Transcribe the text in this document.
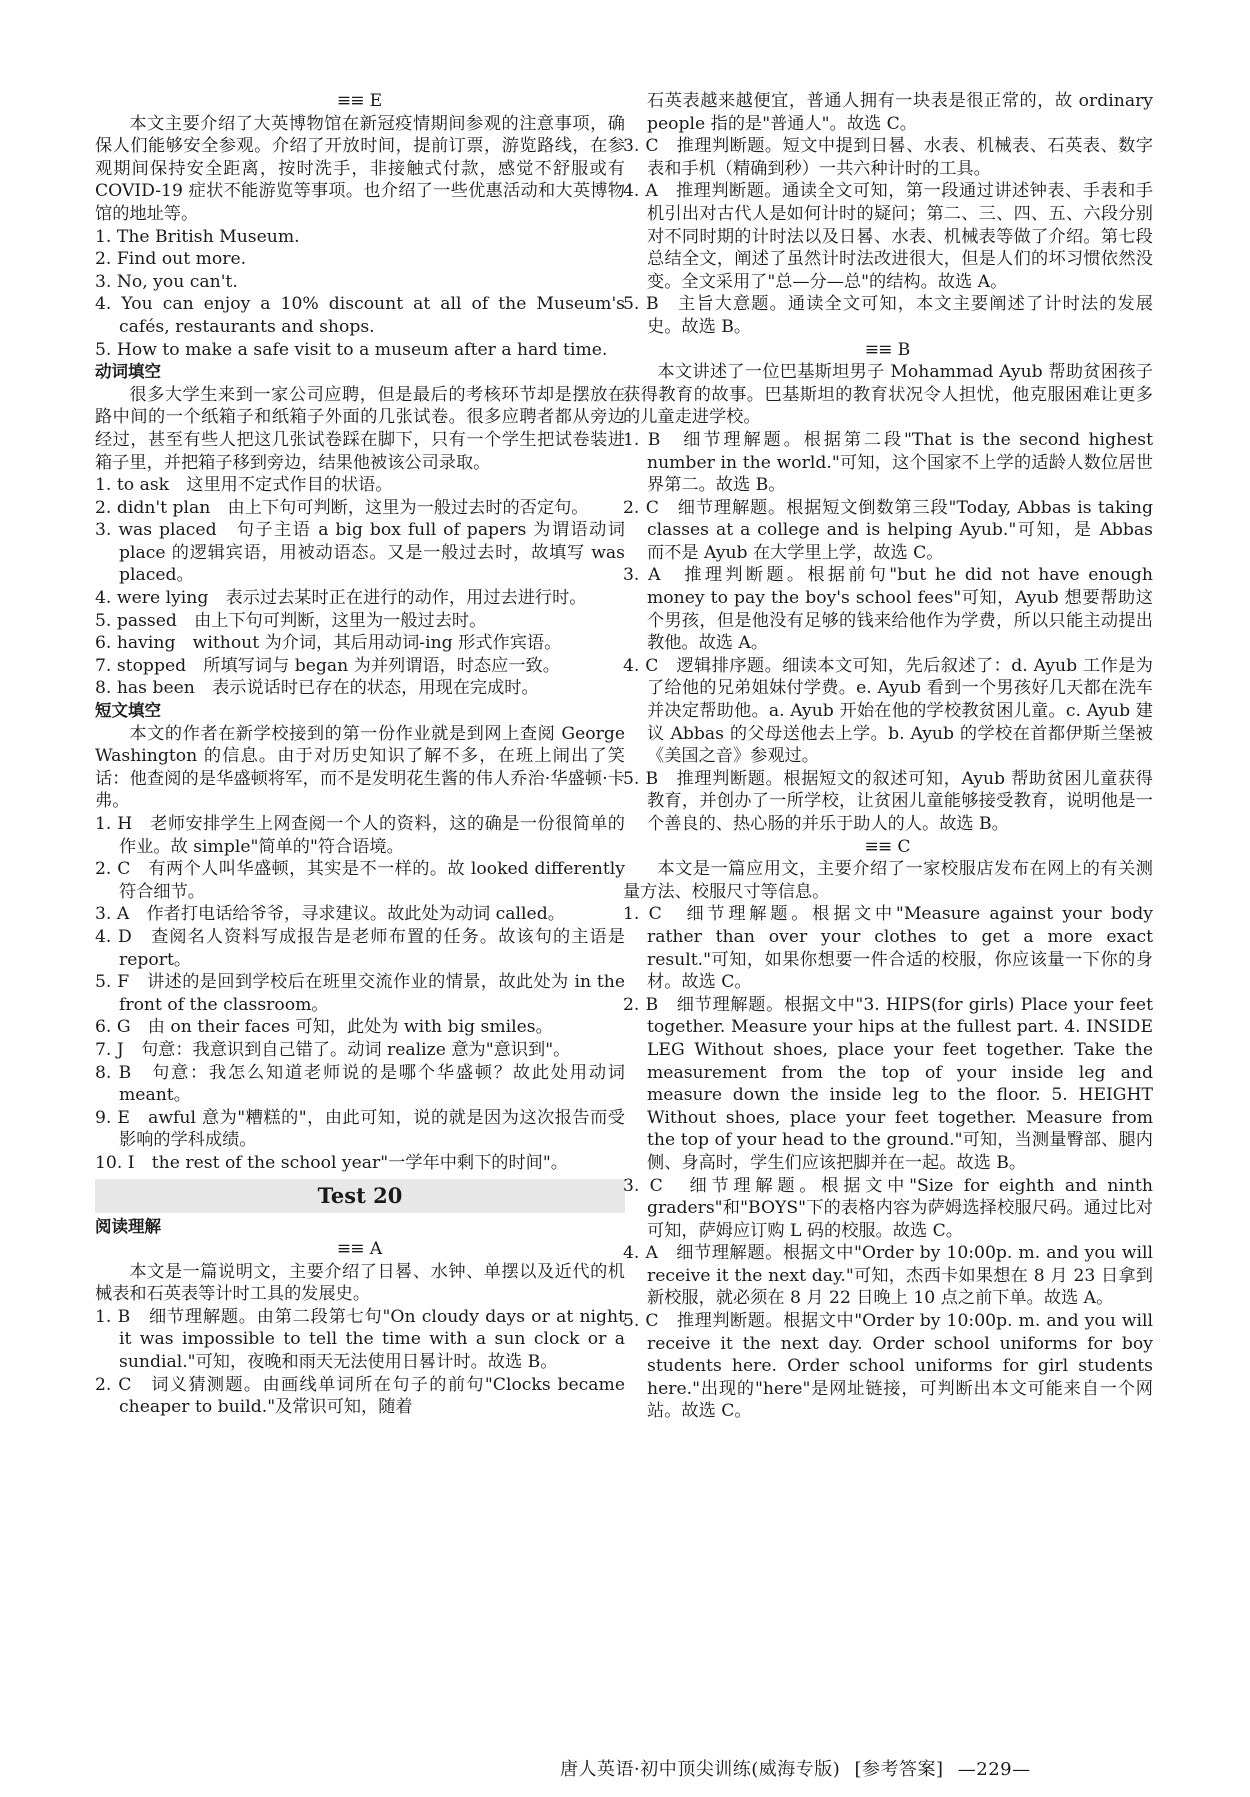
≡≡ E

本文主要介绍了大英博物馆在新冠疫情期间参观的注意事项，确保人们能够安全参观。介绍了开放时间，提前订票，游览路线，在参观期间保持安全距离，按时洗手，非接触式付款，感觉不舒服或有 COVID-19 症状不能游览等事项。也介绍了一些优惠活动和大英博物馆的地址等。

1. The British Museum.

2. Find out more.

3. No, you can't.

4. You can enjoy a 10% discount at all of the Museum's cafés, restaurants and shops.

5. How to make a safe visit to a museum after a hard time.

动词填空

很多大学生来到一家公司应聘，但是最后的考核环节却是摆放在路中间的一个纸箱子和纸箱子外面的几张试卷。很多应聘者都从旁边经过，甚至有些人把这几张试卷踩在脚下，只有一个学生把试卷装进箱子里，并把箱子移到旁边，结果他被该公司录取。

1. to ask　这里用不定式作目的状语。

2. didn't plan　由上下句可判断，这里为一般过去时的否定句。

3. was placed　句子主语 a big box full of papers 为谓语动词 place 的逻辑宾语，用被动语态。又是一般过去时，故填写 was placed。

4. were lying　表示过去某时正在进行的动作，用过去进行时。

5. passed　由上下句可判断，这里为一般过去时。

6. having　without 为介词，其后用动词-ing 形式作宾语。

7. stopped　所填写词与 began 为并列谓语，时态应一致。

8. has been　表示说话时已存在的状态，用现在完成时。

短文填空

本文的作者在新学校接到的第一份作业就是到网上查阅 George Washington 的信息。由于对历史知识了解不多，在班上闹出了笑话：他查阅的是华盛顿将军，而不是发明花生酱的伟人乔治·华盛顿·卡弗。

1. H　老师安排学生上网查阅一个人的资料，这的确是一份很简单的作业。故 simple"简单的"符合语境。

2. C　有两个人叫华盛顿，其实是不一样的。故 looked differently 符合细节。

3. A　作者打电话给爷爷，寻求建议。故此处为动词 called。

4. D　查阅名人资料写成报告是老师布置的任务。故该句的主语是 report。

5. F　讲述的是回到学校后在班里交流作业的情景，故此处为 in the front of the classroom。

6. G　由 on their faces 可知，此处为 with big smiles。

7. J　句意：我意识到自己错了。动词 realize 意为"意识到"。

8. B　句意：我怎么知道老师说的是哪个华盛顿？故此处用动词 meant。

9. E　awful 意为"糟糕的"，由此可知，说的就是因为这次报告而受影响的学科成绩。

10. I　the rest of the school year"一学年中剩下的时间"。

Test 20

阅读理解

≡≡ A

本文是一篇说明文，主要介绍了日晷、水钟、单摆以及近代的机械表和石英表等计时工具的发展史。

1. B　细节理解题。由第二段第七句"On cloudy days or at night it was impossible to tell the time with a sun clock or a sundial."可知，夜晚和雨天无法使用日晷计时。故选 B。

2. C　词义猜测题。由画线单词所在句子的前句"Clocks became cheaper to build."及常识可知，随着

石英表越来越便宜，普通人拥有一块表是很正常的，故 ordinary people 指的是"普通人"。故选 C。

3. C　推理判断题。短文中提到日晷、水表、机械表、石英表、数字表和手机（精确到秒）一共六种计时的工具。

4. A　推理判断题。通读全文可知，第一段通过讲述钟表、手表和手机引出对古代人是如何计时的疑问；第二、三、四、五、六段分别对不同时期的计时法以及日晷、水表、机械表等做了介绍。第七段总结全文，阐述了虽然计时法改进很大，但是人们的坏习惯依然没变。全文采用了"总—分—总"的结构。故选 A。

5. B　主旨大意题。通读全文可知，本文主要阐述了计时法的发展史。故选 B。

≡≡ B

本文讲述了一位巴基斯坦男子 Mohammad Ayub 帮助贫困孩子获得教育的故事。巴基斯坦的教育状况令人担忧，他克服困难让更多的儿童走进学校。

1. B　细节理解题。根据第二段"That is the second highest number in the world."可知，这个国家不上学的适龄人数位居世界第二。故选 B。

2. C　细节理解题。根据短文倒数第三段"Today, Abbas is taking classes at a college and is helping Ayub."可知，是 Abbas 而不是 Ayub 在大学里上学，故选 C。

3. A　推理判断题。根据前句"but he did not have enough money to pay the boy's school fees"可知，Ayub 想要帮助这个男孩，但是他没有足够的钱来给他作为学费，所以只能主动提出教他。故选 A。

4. C　逻辑排序题。细读本文可知，先后叙述了：d. Ayub 工作是为了给他的兄弟姐妹付学费。e. Ayub 看到一个男孩好几天都在洗车并决定帮助他。a. Ayub 开始在他的学校教贫困儿童。c. Ayub 建议 Abbas 的父母送他去上学。b. Ayub 的学校在首都伊斯兰堡被《美国之音》参观过。

5. B　推理判断题。根据短文的叙述可知，Ayub 帮助贫困儿童获得教育，并创办了一所学校，让贫困儿童能够接受教育，说明他是一个善良的、热心肠的并乐于助人的人。故选 B。

≡≡ C

本文是一篇应用文，主要介绍了一家校服店发布在网上的有关测量方法、校服尺寸等信息。

1. C　细节理解题。根据文中"Measure against your body rather than over your clothes to get a more exact result."可知，如果你想要一件合适的校服，你应该量一下你的身材。故选 C。

2. B　细节理解题。根据文中"3. HIPS(for girls) Place your feet together. Measure your hips at the fullest part. 4. INSIDE LEG Without shoes, place your feet together. Take the measurement from the top of your inside leg and measure down the inside leg to the floor. 5. HEIGHT Without shoes, place your feet together. Measure from the top of your head to the ground."可知，当测量臀部、腿内侧、身高时，学生们应该把脚并在一起。故选 B。

3. C　细节理解题。根据文中"Size for eighth and ninth graders"和"BOYS"下的表格内容为萨姆选择校服尺码。通过比对可知，萨姆应订购 L 码的校服。故选 C。

4. A　细节理解题。根据文中"Order by 10:00p. m. and you will receive it the next day."可知，杰西卡如果想在 8 月 23 日拿到新校服，就必须在 8 月 22 日晚上 10 点之前下单。故选 A。

5. C　推理判断题。根据文中"Order by 10:00p. m. and you will receive it the next day. Order school uniforms for boy students here. Order school uniforms for girl students here."出现的"here"是网址链接，可判断出本文可能来自一个网站。故选 C。

唐人英语·初中顶尖训练(威海专版) [参考答案] —229—
